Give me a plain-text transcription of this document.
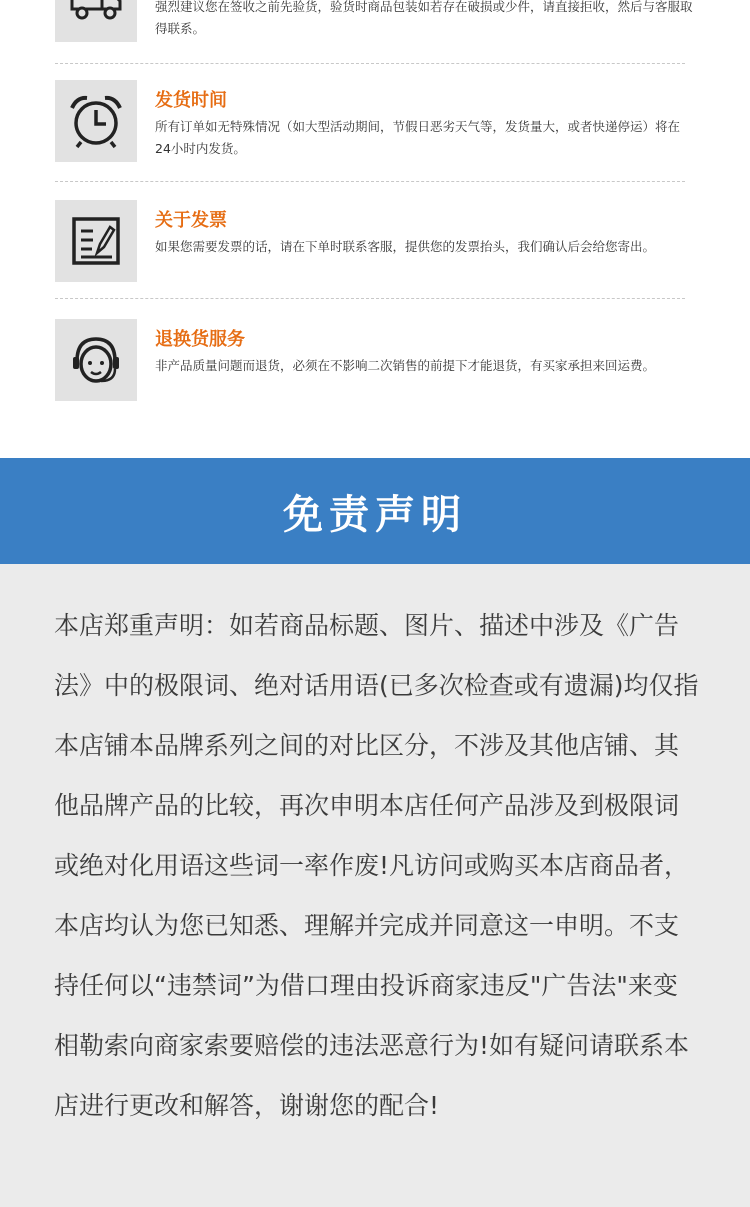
强烈建议您在签收之前先验货，验货时商品包装如若存在破损或少件，请直接拒收，然后与客服取得联系。
发货时间
所有订单如无特殊情况（如大型活动期间，节假日恶劣天气等，发货量大，或者快递停运）将在24小时内发货。
关于发票
如果您需要发票的话，请在下单时联系客服，提供您的发票抬头，我们确认后会给您寄出。
退换货服务
非产品质量问题而退货，必须在不影响二次销售的前提下才能退货，有买家承担来回运费。
免责声明

本店郑重声明：如若商品标题、图片、描述中涉及《广告法》中的极限词、绝对话用语(已多次检查或有遗漏)均仅指本店铺本品牌系列之间的对比区分，不涉及其他店铺、其他品牌产品的比较，再次申明本店任何产品涉及到极限词或绝对化用语这些词一率作废!凡访问或购买本店商品者，本店均认为您已知悉、理解并完成并同意这一申明。不支持任何以“违禁词”为借口理由投诉商家违反"广告法"来变相勒索向商家索要赔偿的违法恶意行为!如有疑问请联系本店进行更改和解答，谢谢您的配合!
